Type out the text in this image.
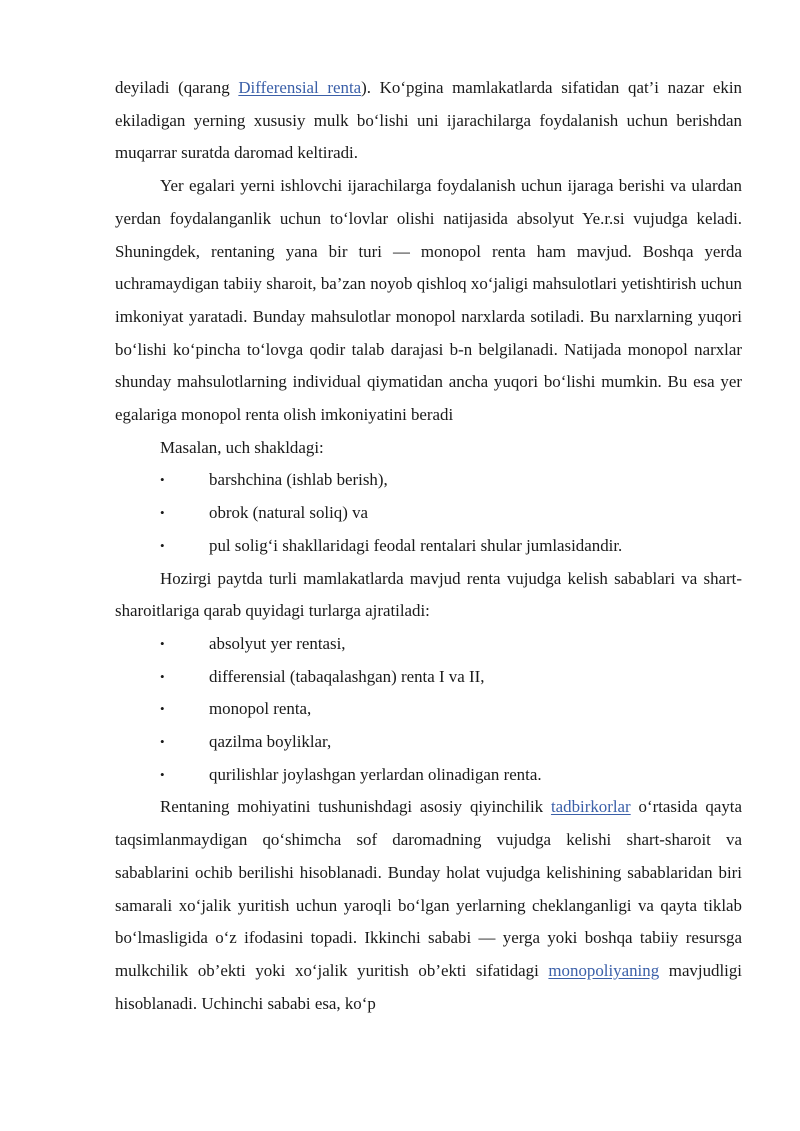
deyiladi (qarang Differensial renta). Ko‘pgina mamlakatlarda sifatidan qat’i nazar ekin ekiladigan yerning xususiy mulk bo‘lishi uni ijarachilarga foydalanish uchun berishdan muqarrar suratda daromad keltiradi.

Yer egalari yerni ishlovchi ijarachilarga foydalanish uchun ijaraga berishi va ulardan yerdan foydalanganlik uchun to‘lovlar olishi natijasida absolyut Ye.r.si vujudga keladi. Shuningdek, rentaning yana bir turi — monopol renta ham mavjud. Boshqa yerda uchramaydigan tabiiy sharoit, ba’zan noyob qishloq xo‘jaligi mahsulotlari yetishtirish uchun imkoniyat yaratadi. Bunday mahsulotlar monopol narxlarda sotiladi. Bu narxlarning yuqori bo‘lishi ko‘pincha to‘lovga qodir talab darajasi b-n belgilanadi. Natijada monopol narxlar shunday mahsulotlarning individual qiymatidan ancha yuqori bo‘lishi mumkin. Bu esa yer egalariga monopol renta olish imkoniyatini beradi

Masalan, uch shakldagi:

•	barshchina (ishlab berish),
•	obrok (natural soliq) va
•	pul solig‘i shakllaridagi feodal rentalari shular jumlasidandir.

Hozirgi paytda turli mamlakatlarda mavjud renta vujudga kelish sabablari va shart-sharoitlariga qarab quyidagi turlarga ajratiladi:

•	absolyut yer rentasi,
•	differensial (tabaqalashgan) renta I va II,
•	monopol renta,
•	qazilma boyliklar,
•	qurilishlar joylashgan yerlardan olinadigan renta.

Rentaning mohiyatini tushunishdagi asosiy qiyinchilik tadbirkorlar o‘rtasida qayta taqsimlanmaydigan qo‘shimcha sof daromadning vujudga kelishi shart-sharoit va sabablarini ochib berilishi hisoblanadi. Bunday holat vujudga kelishining sabablaridan biri samarali xo‘jalik yuritish uchun yaroqli bo‘lgan yerlarning cheklanganligi va qayta tiklab bo‘lmasligida o‘z ifodasini topadi. Ikkinchi sababi — yerga yoki boshqa tabiiy resursga mulkchilik ob’ekti yoki xo‘jalik yuritish ob’ekti sifatidagi monopoliyaning mavjudligi hisoblanadi. Uchinchi sababi esa, ko‘p
